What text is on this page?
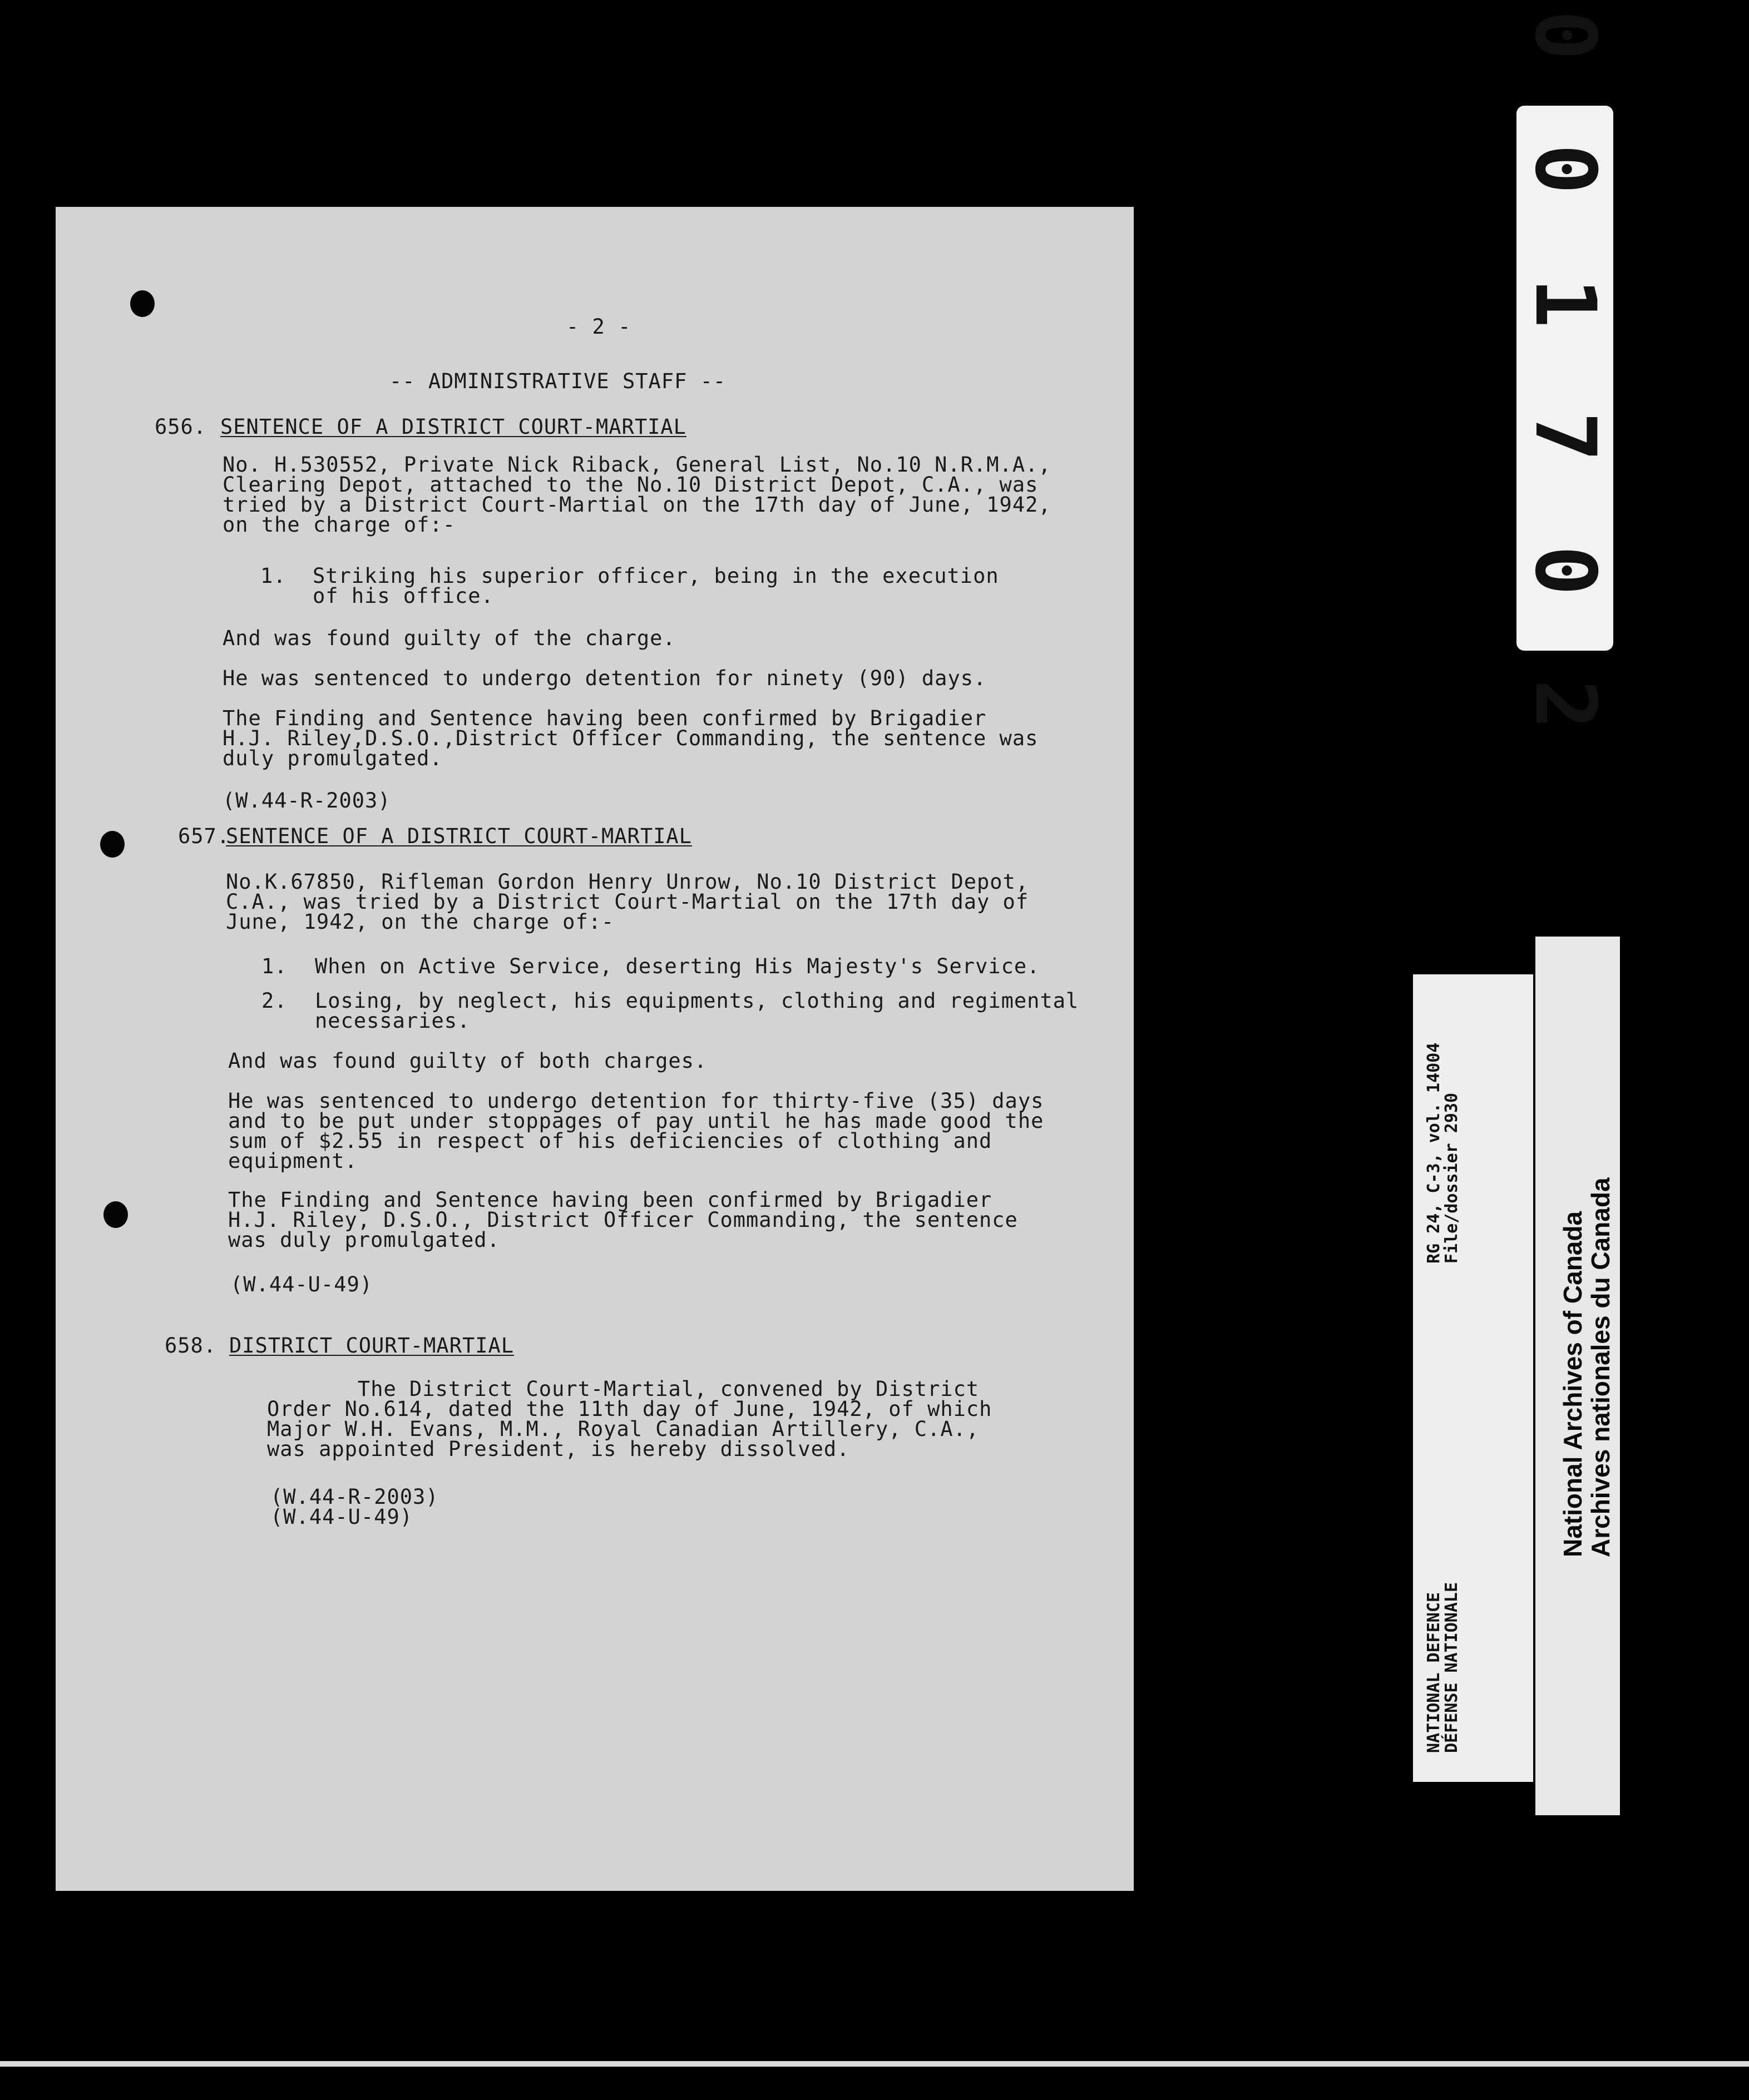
- 2 -
-- ADMINISTRATIVE STAFF --
656. SENTENCE OF A DISTRICT COURT-MARTIAL
No. H.530552, Private Nick Riback, General List, No.10 N.R.M.A.,
Clearing Depot, attached to the No.10 District Depot, C.A., was
tried by a District Court-Martial on the 17th day of June, 1942,
on the charge of:-
1. Striking his superior officer, being in the execution
of his office.
And was found guilty of the charge.
He was sentenced to undergo detention for ninety (90) days.
The Finding and Sentence having been confirmed by Brigadier
H.J. Riley,D.S.O.,District Officer Commanding, the sentence was
duly promulgated.
(W.44-R-2003)
657.
SENTENCE OF A DISTRICT COURT-MARTIAL
No.K.67850, Rifleman Gordon Henry Unrow, No.10 District Depot,
C.A., was tried by a District Court-Martial on the 17th day of
June, 1942, on the charge of:-
1. When on Active Service, deserting His Majesty's Service.
2. Losing, by neglect, his equipments, clothing and regimental
necessaries.
And was found guilty of both charges.
He was sentenced to undergo detention for thirty-five (35) days
and to be put under stoppages of pay until he has made good the
sum of $2.55 in respect of his deficiencies of clothing and
equipment.
The Finding and Sentence having been confirmed by Brigadier
H.J. Riley, D.S.O., District Officer Commanding, the sentence
was duly promulgated.
(W.44-U-49)
658. DISTRICT COURT-MARTIAL
The District Court-Martial, convened by District
Order No.614, dated the 11th day of June, 1942, of which
Major W.H. Evans, M.M., Royal Canadian Artillery, C.A.,
was appointed President, is hereby dissolved.
(W.44-R-2003)
(W.44-U-49)
0 0 1 7 0 2
RG 24, C-3, vol. 14004
File/dossier 2930
NATIONAL DEFENCE
DÉFENSE NATIONALE
National Archives of Canada
Archives nationales du Canada
